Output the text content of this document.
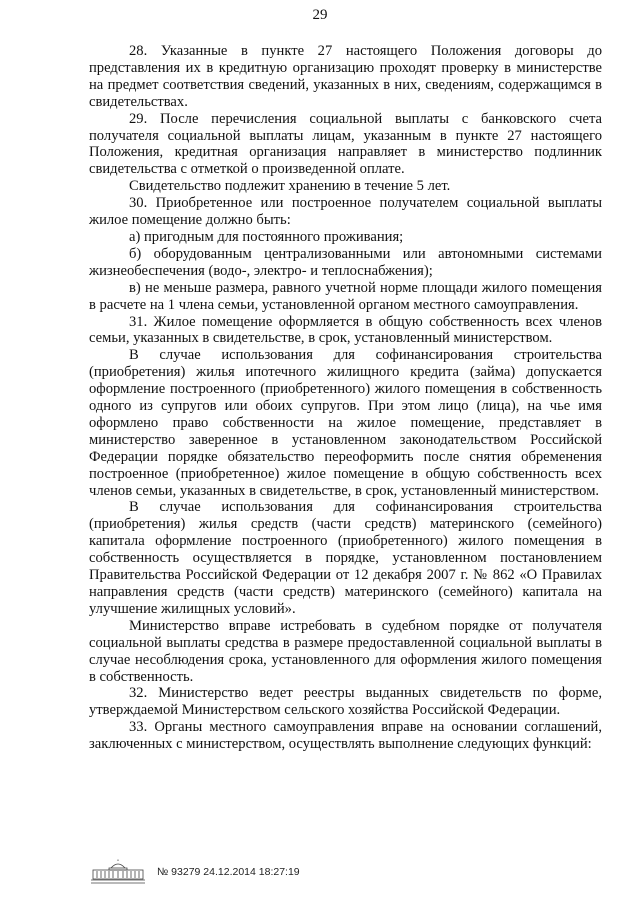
29

28. Указанные в пункте 27 настоящего Положения договоры до представления их в кредитную организацию проходят проверку в министерстве на предмет соответствия сведений, указанных в них, сведениям, содержащимся в свидетельствах.

29. После перечисления социальной выплаты с банковского счета получателя социальной выплаты лицам, указанным в пункте 27 настоящего Положения, кредитная организация направляет в министерство подлинник свидетельства с отметкой о произведенной оплате.

Свидетельство подлежит хранению в течение 5 лет.

30. Приобретенное или построенное получателем социальной выплаты жилое помещение должно быть:

а) пригодным для постоянного проживания;

б) оборудованным централизованными или автономными системами жизнеобеспечения (водо-, электро- и теплоснабжения);

в) не меньше размера, равного учетной норме площади жилого помещения в расчете на 1 члена семьи, установленной органом местного самоуправления.

31. Жилое помещение оформляется в общую собственность всех членов семьи, указанных в свидетельстве, в срок, установленный министерством.

В случае использования для софинансирования строительства (приобретения) жилья ипотечного жилищного кредита (займа) допускается оформление построенного (приобретенного) жилого помещения в собственность одного из супругов или обоих супругов. При этом лицо (лица), на чье имя оформлено право собственности на жилое помещение, представляет в министерство заверенное в установленном законодательством Российской Федерации порядке обязательство переоформить после снятия обременения построенное (приобретенное) жилое помещение в общую собственность всех членов семьи, указанных в свидетельстве, в срок, установленный министерством.

В случае использования для софинансирования строительства (приобретения) жилья средств (части средств) материнского (семейного) капитала оформление построенного (приобретенного) жилого помещения в собственность осуществляется в порядке, установленном постановлением Правительства Российской Федерации от 12 декабря 2007 г. № 862 «О Правилах направления средств (части средств) материнского (семейного) капитала на улучшение жилищных условий».

Министерство вправе истребовать в судебном порядке от получателя социальной выплаты средства в размере предоставленной социальной выплаты в случае несоблюдения срока, установленного для оформления жилого помещения в собственность.

32. Министерство ведет реестры выданных свидетельств по форме, утверждаемой Министерством сельского хозяйства Российской Федерации.

33. Органы местного самоуправления вправе на основании соглашений, заключенных с министерством, осуществлять выполнение следующих функций:

№ 93279 24.12.2014 18:27:19
